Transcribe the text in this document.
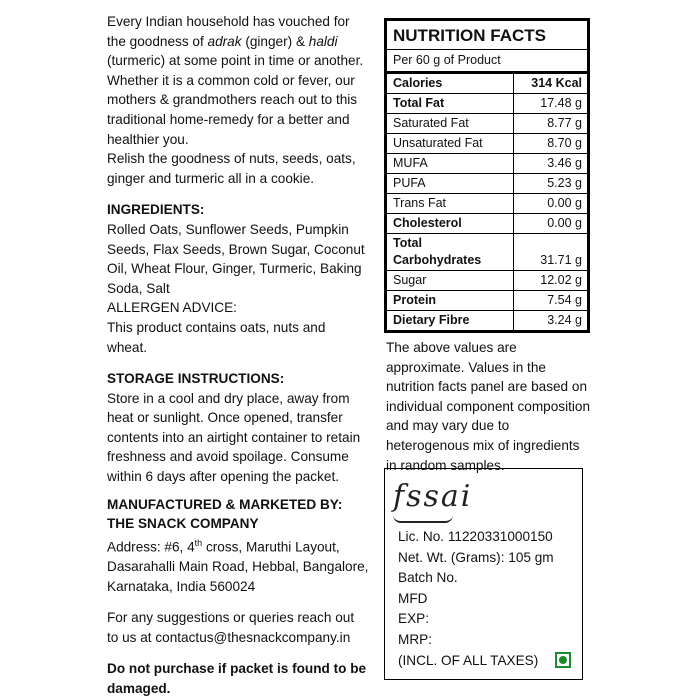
Every Indian household has vouched for the goodness of adrak (ginger) & haldi (turmeric) at some point in time or another. Whether it is a common cold or fever, our mothers & grandmothers reach out to this traditional home-remedy for a better and healthier you.

Relish the goodness of nuts, seeds, oats, ginger and turmeric all in a cookie.

INGREDIENTS:

Rolled Oats, Sunflower Seeds, Pumpkin Seeds, Flax Seeds, Brown Sugar, Coconut Oil, Wheat Flour, Ginger, Turmeric, Baking Soda, Salt

ALLERGEN ADVICE:

This product contains oats, nuts and wheat.

STORAGE INSTRUCTIONS:

Store in a cool and dry place, away from heat or sunlight. Once opened, transfer contents into an airtight container to retain freshness and avoid spoilage. Consume within 6 days after opening the packet.

MANUFACTURED & MARKETED BY:

THE SNACK COMPANY

Address: #6, 4th cross, Maruthi Layout, Dasarahalli Main Road, Hebbal, Bangalore, Karnataka, India 560024

For any suggestions or queries reach out to us at contactus@thesnackcompany.in

Do not purchase if packet is found to be damaged.

NUTRITION FACTS
Per 60 g of Product
Calories	314 Kcal
Total Fat	17.48 g
Saturated Fat	8.77 g
Unsaturated Fat	8.70 g
MUFA	3.46 g
PUFA	5.23 g
Trans Fat	0.00 g
Cholesterol	0.00 g
Total
Carbohydrates	31.71 g
Sugar	12.02 g
Protein	7.54 g
Dietary Fibre	3.24 g
The above values are approximate. Values in the nutrition facts panel are based on individual component composition and may vary due to heterogenous mix of ingredients in random samples.
fssai

Lic. No. 11220331000150

Net. Wt. (Grams): 105 gm

Batch No.

MFD

EXP:

MRP:

(INCL. OF ALL TAXES)
